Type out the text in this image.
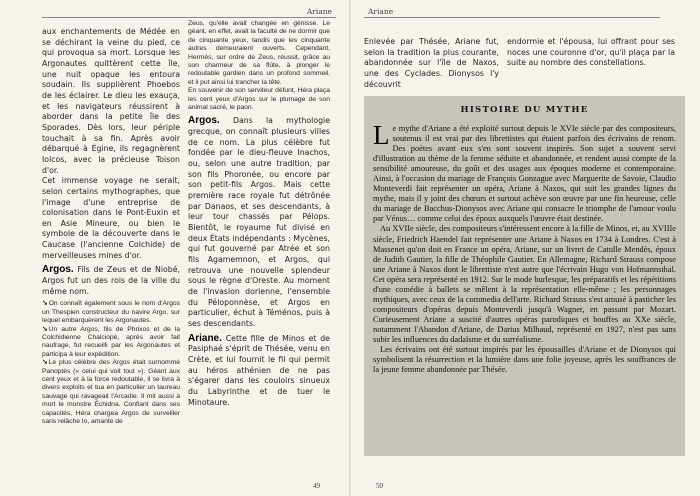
Ariane

aux enchantements de Médée en se déchirant la veine du pied, ce qui provoqua sa mort. Lorsque les Argonautes quittèrent cette île, une nuit opaque les entoura soudain. Ils supplièrent Phoebos de les éclairer. Le dieu les exauça, et les navigateurs réussirent à aborder dans la petite île des Sporades. Dès lors, leur périple touchait à sa fin. Après avoir débarqué à Égine, ils regagnèrent Iolcos, avec la précieuse Toison d'or.

Cet immense voyage ne serait, selon certains mythographes, que l'image d'une entreprise de colonisation dans le Pont-Euxin et en Asie Mineure, ou bien le symbole de la découverte dans le Caucase (l'ancienne Colchide) de merveilleuses mines d'or.

Argos. Fils de Zeus et de Niobé, Argos fut un des rois de la ville du même nom.

➘On connaît également sous le nom d'Argos un Thespien constructeur du navire Argo, sur lequel embarquèrent les Argonautes.

➘Un autre Argos, fils de Phrixos et de la Colchidienne Chalciopé, après avoir fait naufrage, fut recueilli par les Argonautes et participa à leur expédition.

➘Le plus célèbre des Argos était surnommé Panoptès (« celui qui voit tout »). Géant aux cent yeux et à la force redoutable, il se livra à divers exploits et tua en particulier un taureau sauvage qui ravageait l'Arcadie. Il mit aussi à mort le monstre Échidna. Confiant dans ses capacités, Héra chargea Argos de surveiller sans relâche Io, amante de

Zeus, qu'elle avait changée en génisse. Le géant, en effet, avait la faculté de ne dormir que de cinquante yeux, tandis que les cinquante autres demeuraient ouverts. Cependant, Hermès, sur ordre de Zeus, réussit, grâce au son charmeur de sa flûte, à plonger le redoutable gardien dans un profond sommeil, et il put ainsi lui trancher la tête.

En souvenir de son serviteur défunt, Héra plaça les cent yeux d'Argos sur le plumage de son animal sacré, le paon.

Argos. Dans la mythologie grecque, on connaît plusieurs villes de ce nom. La plus célèbre fut fondée par le dieu-fleuve Inachos, ou, selon une autre tradition, par son fils Phoronée, ou encore par son petit-fils Argos. Mais cette première race royale fut détrônée par Danaos, et ses descendants, à leur tour chassés par Pélops. Bientôt, le royaume fut divisé en deux États indépendants : Mycènes, qui fut gouverné par Atrée et son fils Agamemnon, et Argos, qui retrouva une nouvelle splendeur sous le règne d'Oreste. Au moment de l'invasion dorienne, l'ensemble du Péloponnèse, et Argos en particulier, échut à Téménos, puis à ses descendants.

Ariane. Cette fille de Minos et de Pasiphaé s'éprit de Thésée, venu en Crète, et lui fournit le fil qui permit au héros athénien de ne pas s'égarer dans les couloirs sinueux du Labyrinthe et de tuer le Minotaure.

49
Ariane
50

Enlevée par Thésée, Ariane fut, selon la tradition la plus courante, abandonnée sur l'île de Naxos, une des Cyclades. Dionysos l'y découvrit

endormie et l'épousa, lui offrant pour ses noces une couronne d'or, qu'il plaça par la suite au nombre des constellations.

HISTOIRE DU MYTHE

Le mythe d'Ariane a été exploité surtout depuis le XVIe siècle par des compositeurs, soutenus il est vrai par des librettistes qui étaient parfois des écrivains de renom. Des poètes avant eux s'en sont souvent inspirés. Son sujet a souvent servi d'illustration au thème de la femme séduite et abandonnée, et rendent aussi compte de la sensibilité amoureuse, du goût et des usages aux époques moderne et contemporaine. Ainsi, à l'occasion du mariage de François Gonzague avec Marguerite de Savoie, Claudio Monteverdi fait représenter un opéra, Ariane à Naxos, qui suit les grandes lignes du mythe, mais il y joint des chœurs et surtout achève son œuvre par une fin heureuse, celle du mariage de Bacchus-Dionysos avec Ariane qui consacre le triomphe de l'amour voulu par Vénus… comme celui des époux auxquels l'œuvre était destinée.

Au XVIIe siècle, des compositeurs s'intéressent encore à la fille de Minos, et, au XVIIIe siècle, Friedrich Haendel fait représenter une Ariane à Naxos en 1734 à Londres. C'est à Massenet qu'on doit en France un opéra, Ariane, sur un livret de Catulle Mendès, époux de Judith Gautier, la fille de Théophile Gautier. En Allemagne, Richard Strauss compose une Ariane à Naxos dont le librettiste n'est autre que l'écrivain Hugo von Hofmannsthal. Cet opéra sera représenté en 1912. Sur le mode burlesque, les préparatifs et les répétitions d'une comédie à ballets se mêlent à la représentation elle-même ; les personnages mythiques, avec ceux de la commedia dell'arte. Richard Strauss s'est amusé à pasticher les compositeurs d'opéras depuis Monteverdi jusqu'à Wagner, en passant par Mozart. Curieusement Ariane a suscité d'autres opéras parodiques et bouffes au XXe siècle, notamment l'Abandon d'Ariane, de Darius Milhaud, représenté en 1927, n'est pas sans subir les influences du dadaïsme et du surréalisme.

Les écrivains ont été surtout inspirés par les épousailles d'Ariane et de Dionysos qui symbolisent la résurrection et la lumière dans une folie joyeuse, après les souffrances de la jeune femme abandonnée par Thésée.
